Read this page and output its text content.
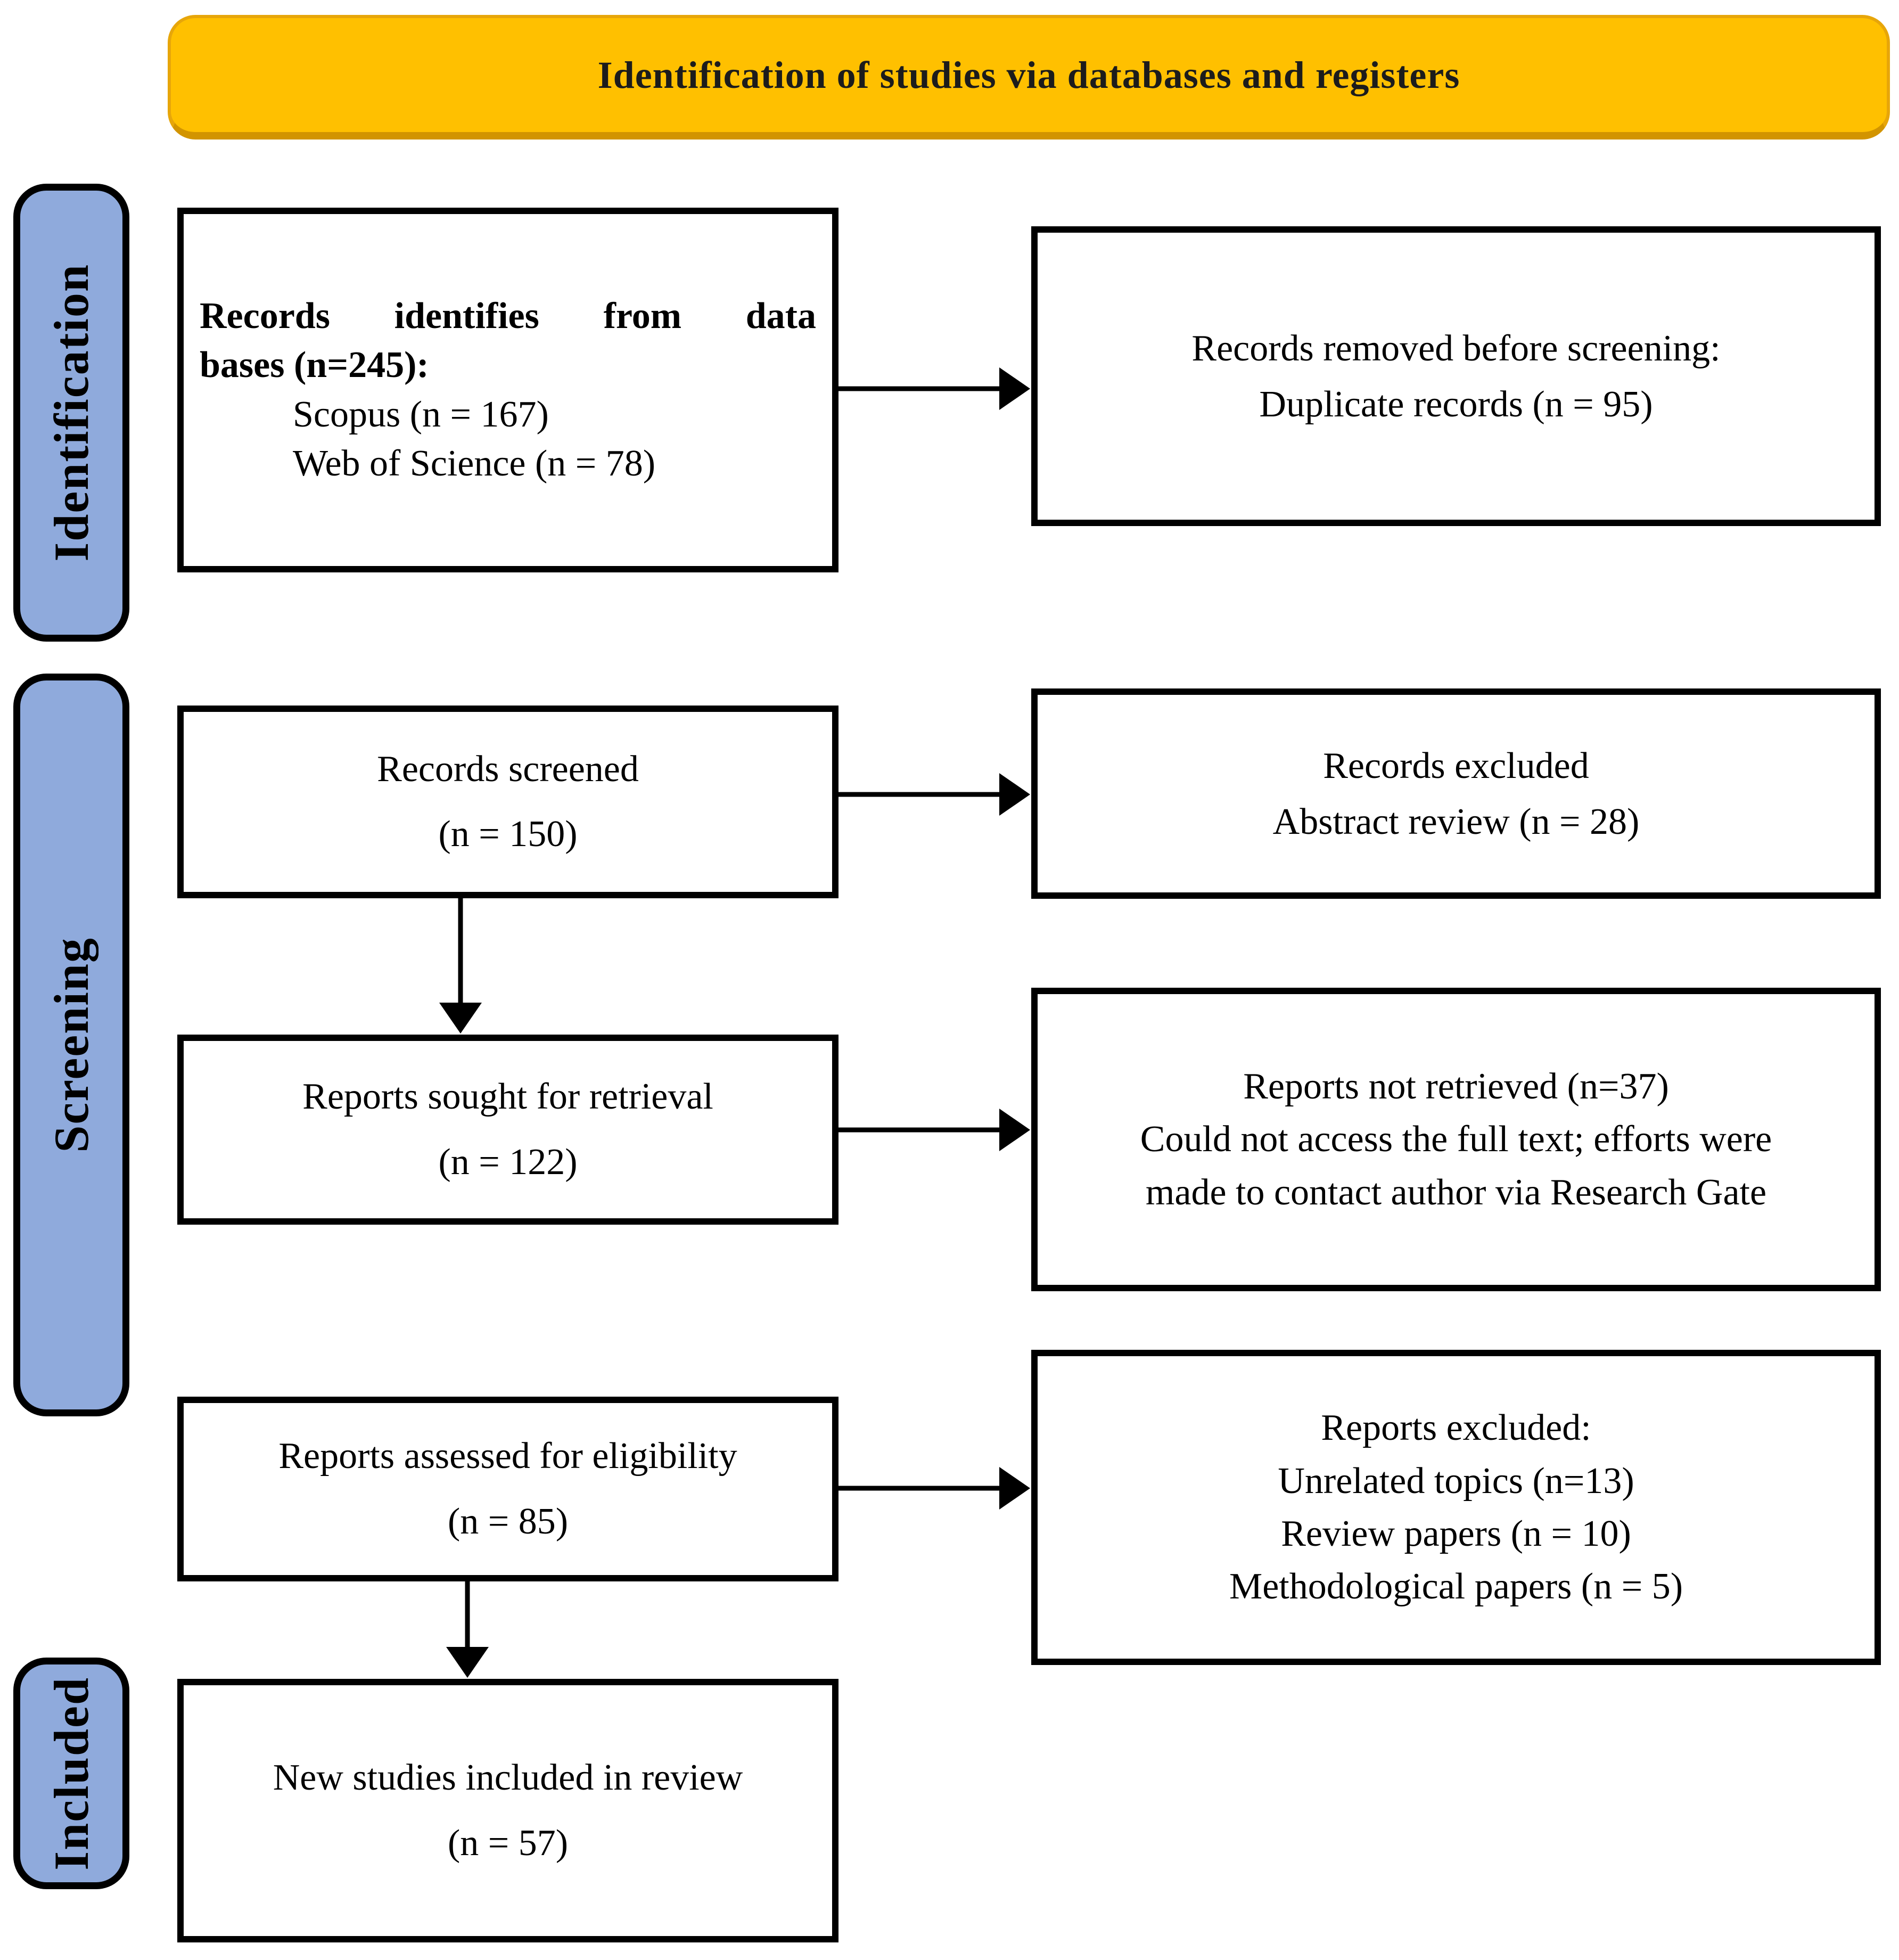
Identification of studies via databases and registers
Identification
Screening
Included
Records identifies from data
bases (n=245):
Scopus (n = 167)
Web of Science (n = 78)
Records screened
(n = 150)
Reports sought for retrieval
(n = 122)
Reports assessed for eligibility
(n = 85)
New studies included in review
(n = 57)
Records removed before screening:
Duplicate records (n = 95)
Records excluded
Abstract review (n = 28)
Reports not retrieved (n=37)
Could not access the full text; efforts were
made to contact author via Research Gate
Reports excluded:
Unrelated topics (n=13)
Review papers (n = 10)
Methodological papers (n = 5)
